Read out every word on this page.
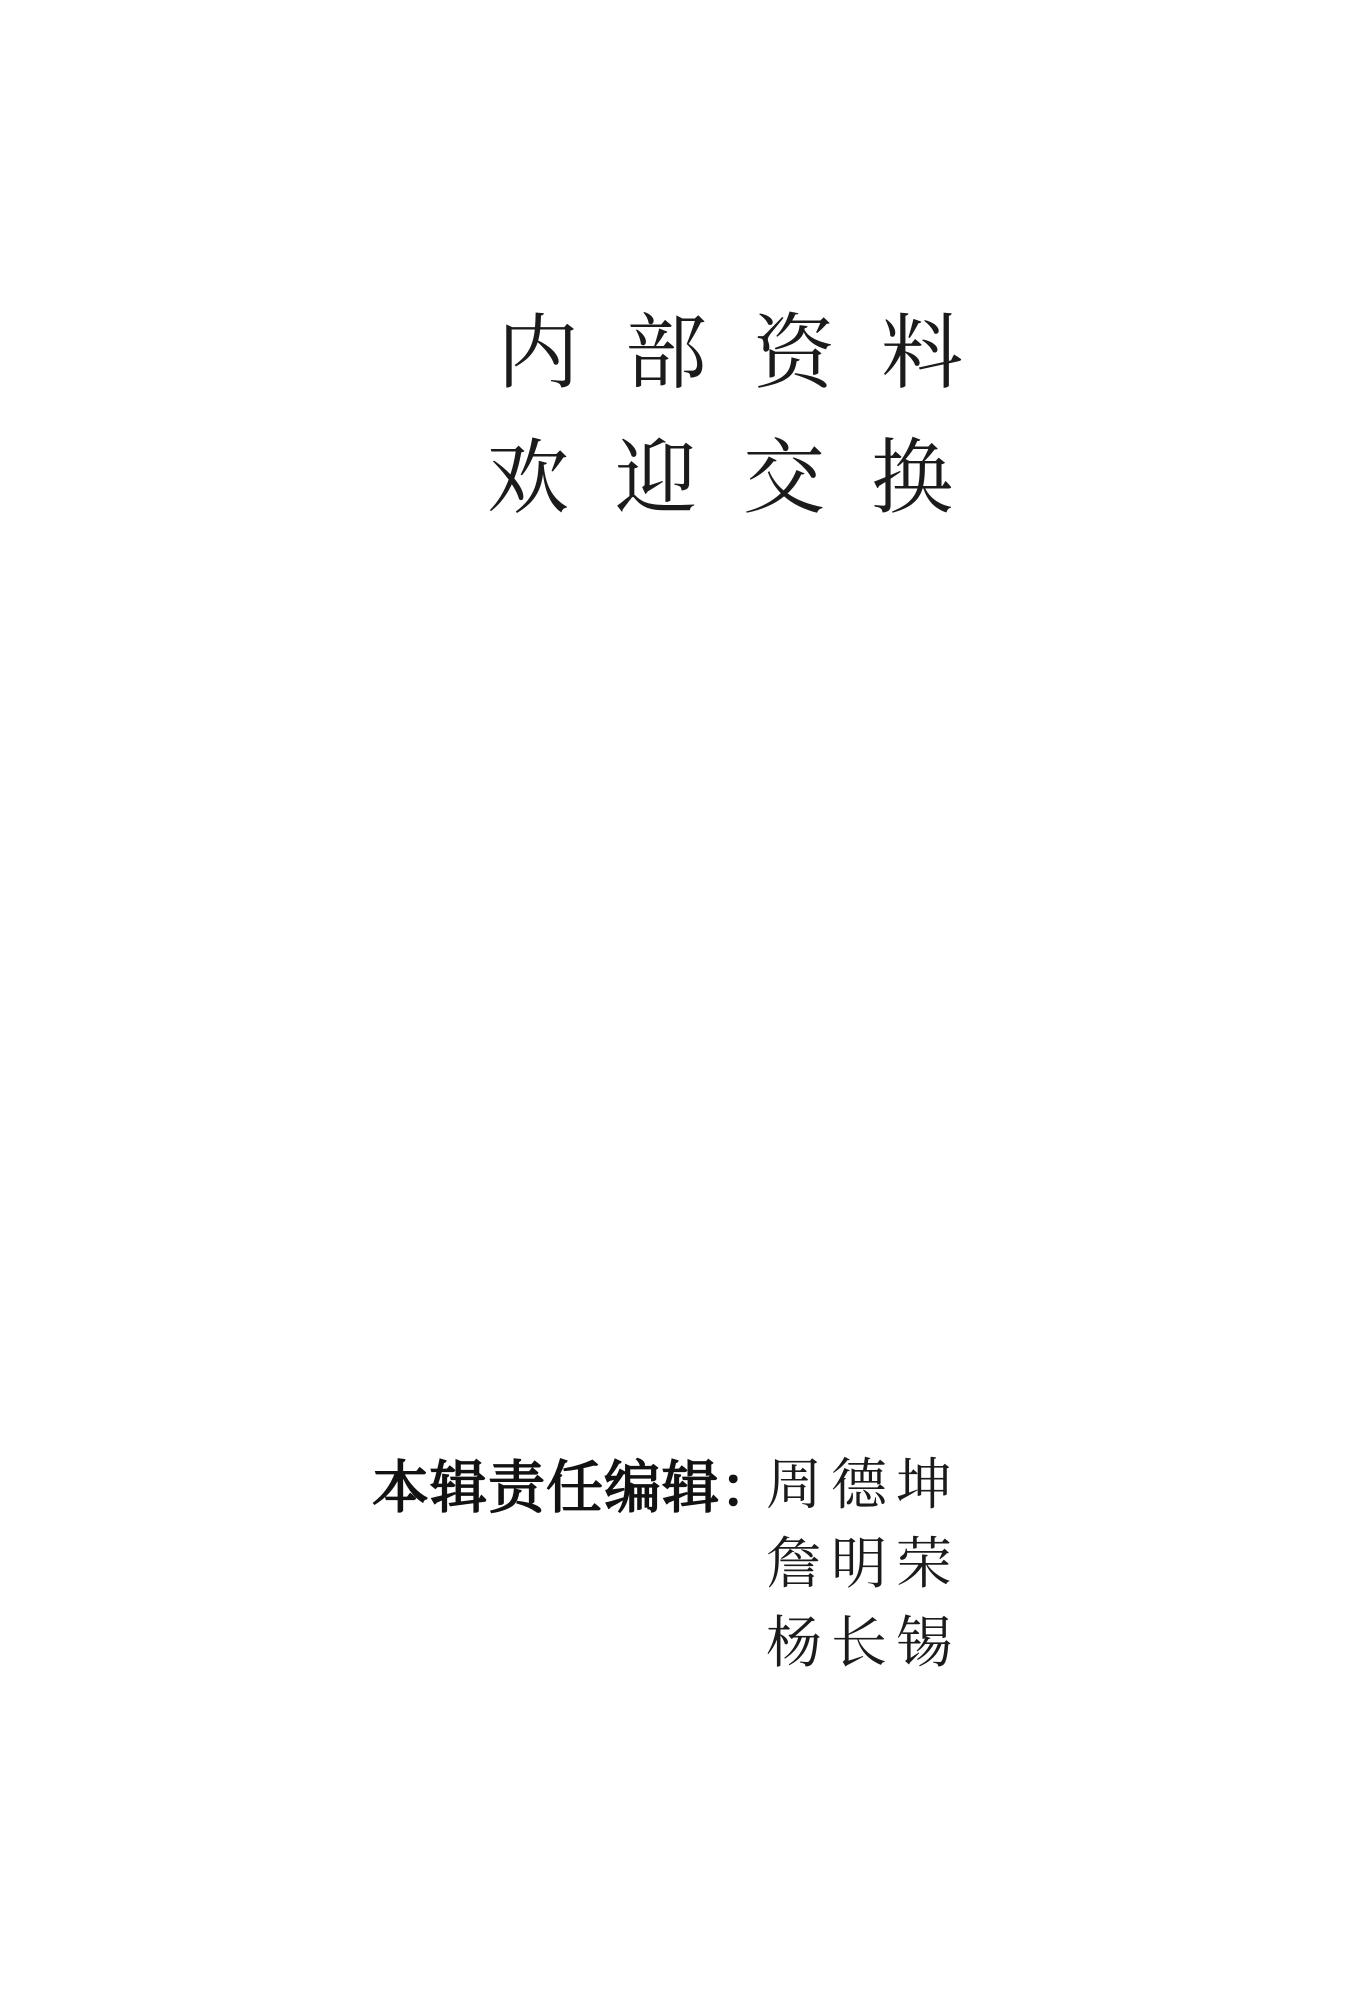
内部资料
欢迎交换
本辑责任编辑：
周德坤
詹明荣
杨长锡
